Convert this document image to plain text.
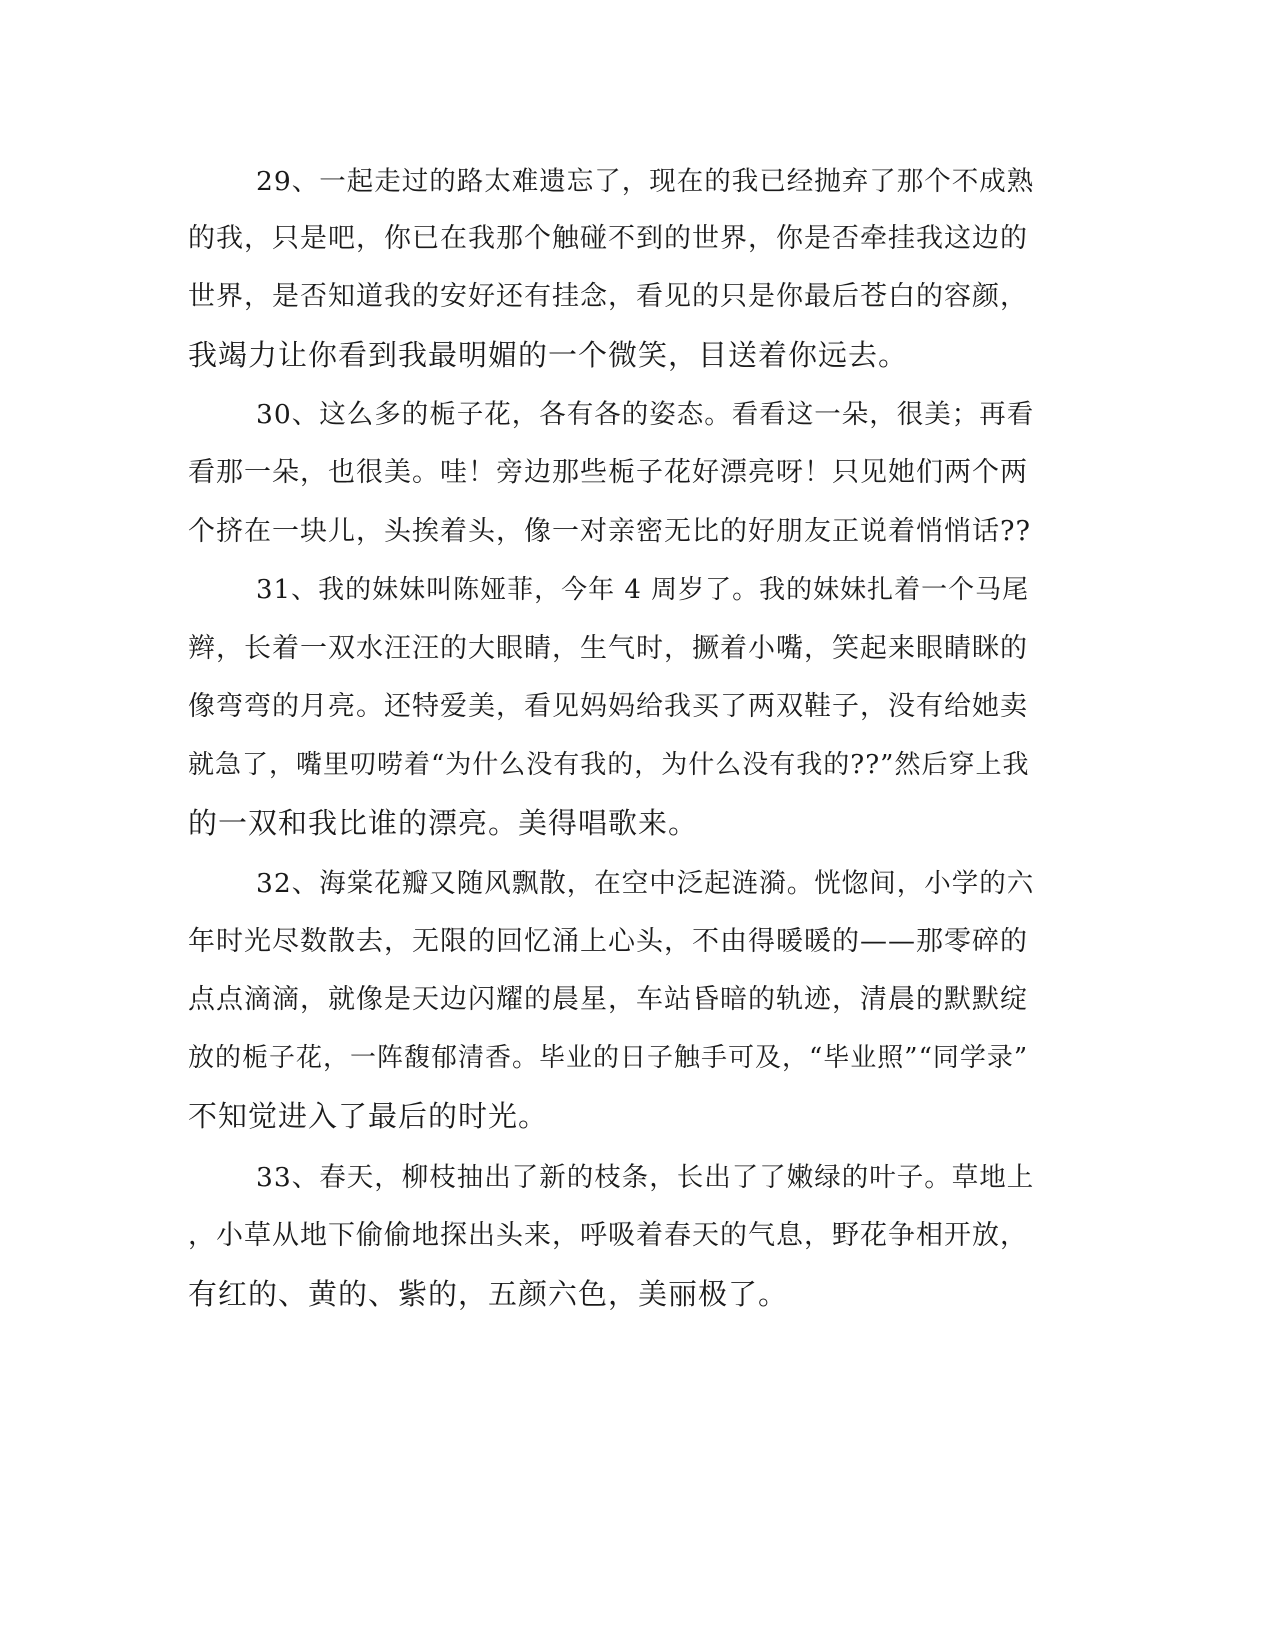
29、一起走过的路太难遗忘了，现在的我已经抛弃了那个不成熟
的我，只是吧，你已在我那个触碰不到的世界，你是否牵挂我这边的
世界，是否知道我的安好还有挂念，看见的只是你最后苍白的容颜，
我竭力让你看到我最明媚的一个微笑，目送着你远去。
30、这么多的栀子花，各有各的姿态。看看这一朵，很美；再看
看那一朵，也很美。哇！旁边那些栀子花好漂亮呀！只见她们两个两
个挤在一块儿，头挨着头，像一对亲密无比的好朋友正说着悄悄话??
31、我的妹妹叫陈娅菲，今年 4 周岁了。我的妹妹扎着一个马尾
辫，长着一双水汪汪的大眼睛，生气时，撅着小嘴，笑起来眼睛眯的
像弯弯的月亮。还特爱美，看见妈妈给我买了两双鞋子，没有给她卖
就急了，嘴里叨唠着“为什么没有我的，为什么没有我的??”然后穿上我
的一双和我比谁的漂亮。美得唱歌来。
32、海棠花瓣又随风飘散，在空中泛起涟漪。恍惚间，小学的六
年时光尽数散去，无限的回忆涌上心头，不由得暖暖的——那零碎的
点点滴滴，就像是天边闪耀的晨星，车站昏暗的轨迹，清晨的默默绽
放的栀子花，一阵馥郁清香。毕业的日子触手可及，“毕业照”“同学录”
不知觉进入了最后的时光。
33、春天，柳枝抽出了新的枝条，长出了了嫩绿的叶子。草地上
，小草从地下偷偷地探出头来，呼吸着春天的气息，野花争相开放，
有红的、黄的、紫的，五颜六色，美丽极了。
